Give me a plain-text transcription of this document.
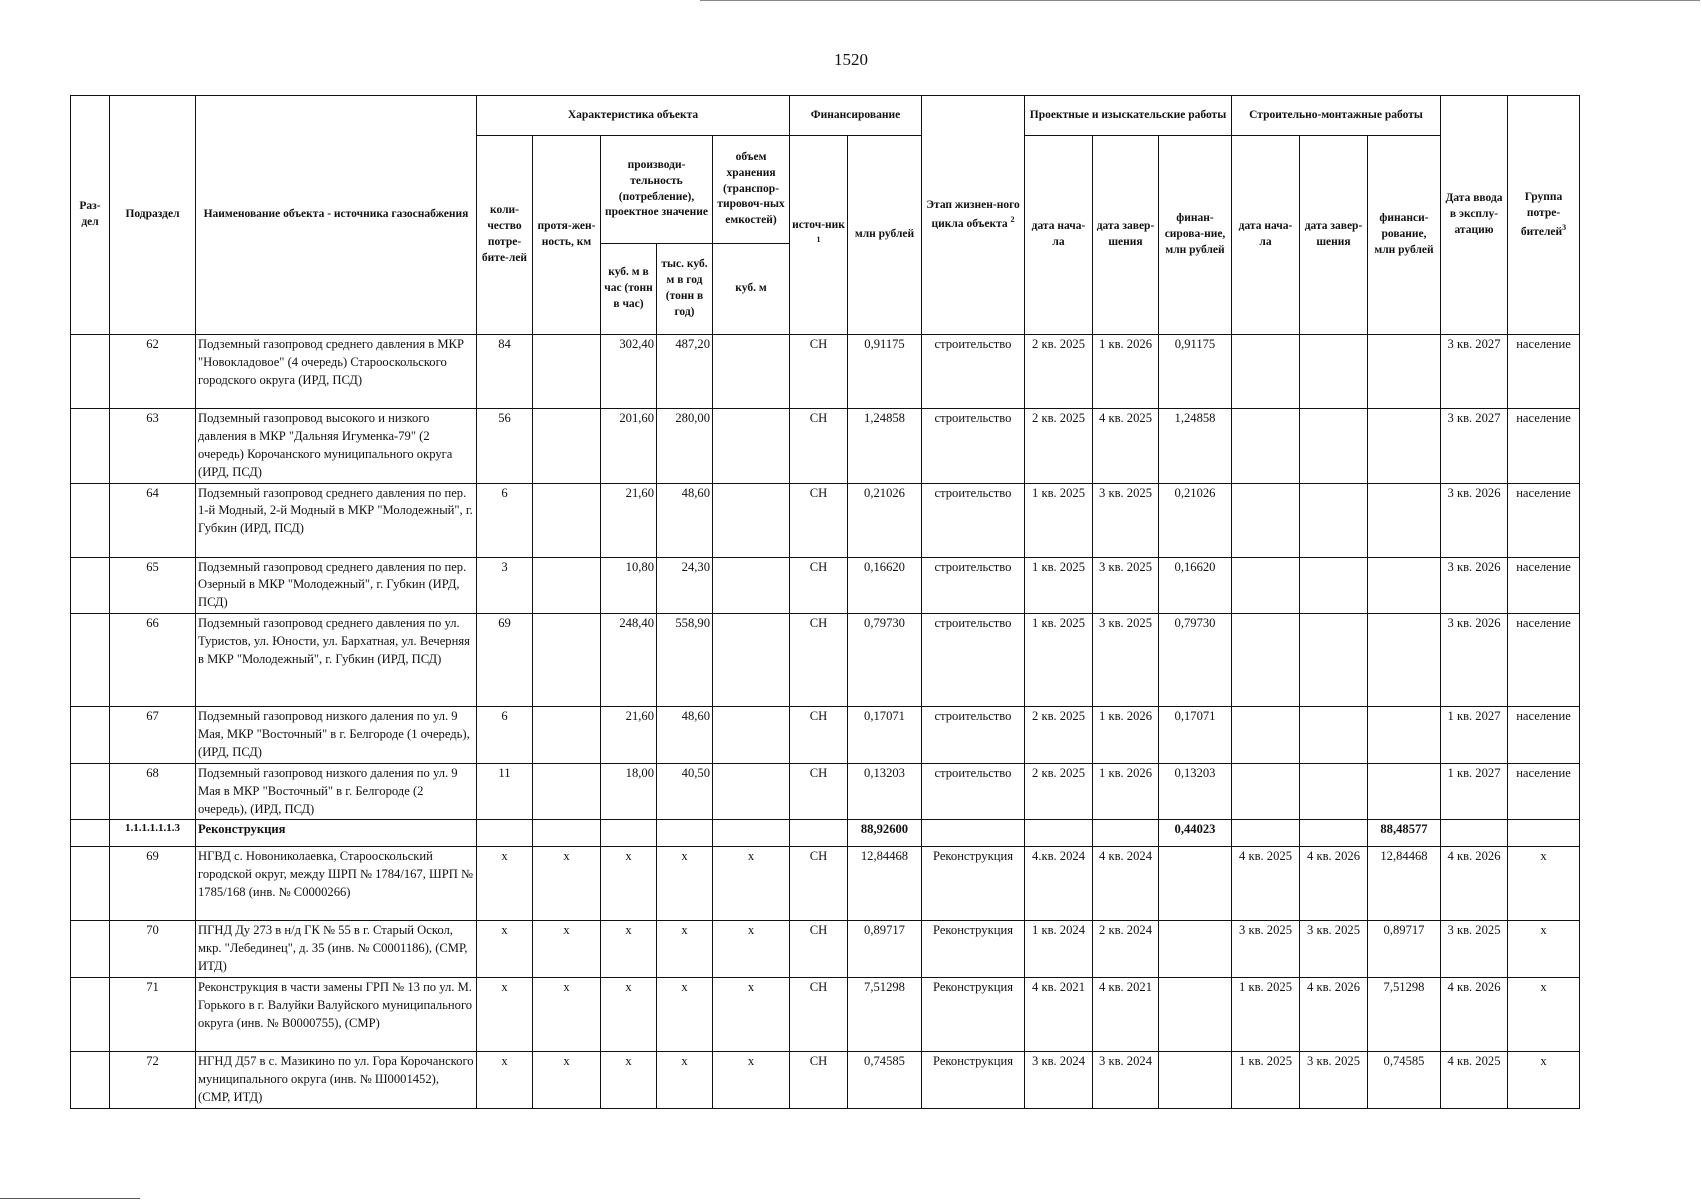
1520
Раз-дел	Подраздел	Наименование объекта - источника газоснабжения	Характеристика объекта					Финансирование		Этап жизнен-ного цикла объекта $^2$	Проектные и изыскательские работы			Строительно-монтажные работы			Дата ввода в эксплу-атацию	Группа потре-бителей$^3$
			коли-чество потре-бите-лей	протя-жен-ность, км	производи-тельность (потребление), проектное значение		объем хранения (транспор-тировоч-ных емкостей)	источ-ник $^1$	млн рублей		дата нача-ла	дата завер-шения	финан-сирова-ние, млн рублей	дата нача-ла	дата завер-шения	финанси-рование, млн рублей		
					куб. м в час (тонн в час)	тыс. куб. м в год (тонн в год)	куб. м											
	62	Подземный газопровод среднего давления в МКР "Новокладовое" (4 очередь) Старооскольского городского округа (ИРД, ПСД)	84		302,40	487,20		СН	0,91175	строительство	2 кв. 2025	1 кв. 2026	0,91175				3 кв. 2027	население
	63	Подземный газопровод высокого и низкого давления в МКР "Дальняя Игуменка-79" (2 очередь) Корочанского муниципального округа (ИРД, ПСД)	56		201,60	280,00		СН	1,24858	строительство	2 кв. 2025	4 кв. 2025	1,24858				3 кв. 2027	население
	64	Подземный газопровод среднего давления по пер. 1-й Модный, 2-й Модный в МКР "Молодежный", г. Губкин (ИРД, ПСД)	6		21,60	48,60		СН	0,21026	строительство	1 кв. 2025	3 кв. 2025	0,21026				3 кв. 2026	население
	65	Подземный газопровод среднего давления по пер. Озерный в МКР "Молодежный", г. Губкин (ИРД, ПСД)	3		10,80	24,30		СН	0,16620	строительство	1 кв. 2025	3 кв. 2025	0,16620				3 кв. 2026	население
	66	Подземный газопровод среднего давления по ул. Туристов, ул. Юности, ул. Бархатная, ул. Вечерняя в МКР "Молодежный", г. Губкин (ИРД, ПСД)	69		248,40	558,90		СН	0,79730	строительство	1 кв. 2025	3 кв. 2025	0,79730				3 кв. 2026	население
	67	Подземный газопровод низкого даления по ул. 9 Мая, МКР "Восточный" в г. Белгороде (1 очередь), (ИРД, ПСД)	6		21,60	48,60		СН	0,17071	строительство	2 кв. 2025	1 кв. 2026	0,17071				1 кв. 2027	население
	68	Подземный газопровод низкого даления по ул. 9 Мая в МКР "Восточный" в г. Белгороде (2 очередь), (ИРД, ПСД)	11		18,00	40,50		СН	0,13203	строительство	2 кв. 2025	1 кв. 2026	0,13203				1 кв. 2027	население
	1.1.1.1.1.1.3	Реконструкция							88,92600				0,44023			88,48577		
	69	НГВД с. Новониколаевка, Старооскольский городской округ, между ШРП № 1784/167, ШРП № 1785/168 (инв. № С0000266)	х	х	х	х	х	СН	12,84468	Реконструкция	4.кв. 2024	4 кв. 2024		4 кв. 2025	4 кв. 2026	12,84468	4 кв. 2026	х
	70	ПГНД Ду 273 в н/д ГК № 55 в г. Старый Оскол, мкр. "Лебединец", д. 35 (инв. № С0001186), (СМР, ИТД)	х	х	х	х	х	СН	0,89717	Реконструкция	1 кв. 2024	2 кв. 2024		3 кв. 2025	3 кв. 2025	0,89717	3 кв. 2025	х
	71	Реконструкция в части замены ГРП № 13 по ул. М. Горького в г. Валуйки Валуйского муниципального округа (инв. № В0000755), (СМР)	х	х	х	х	х	СН	7,51298	Реконструкция	4 кв. 2021	4 кв. 2021		1 кв. 2025	4 кв. 2026	7,51298	4 кв. 2026	х
	72	НГНД Д57 в с. Мазикино по ул. Гора Корочанского муниципального округа (инв. № Ш0001452), (СМР, ИТД)	х	х	х	х	х	СН	0,74585	Реконструкция	3 кв. 2024	3 кв. 2024		1 кв. 2025	3 кв. 2025	0,74585	4 кв. 2025	х
